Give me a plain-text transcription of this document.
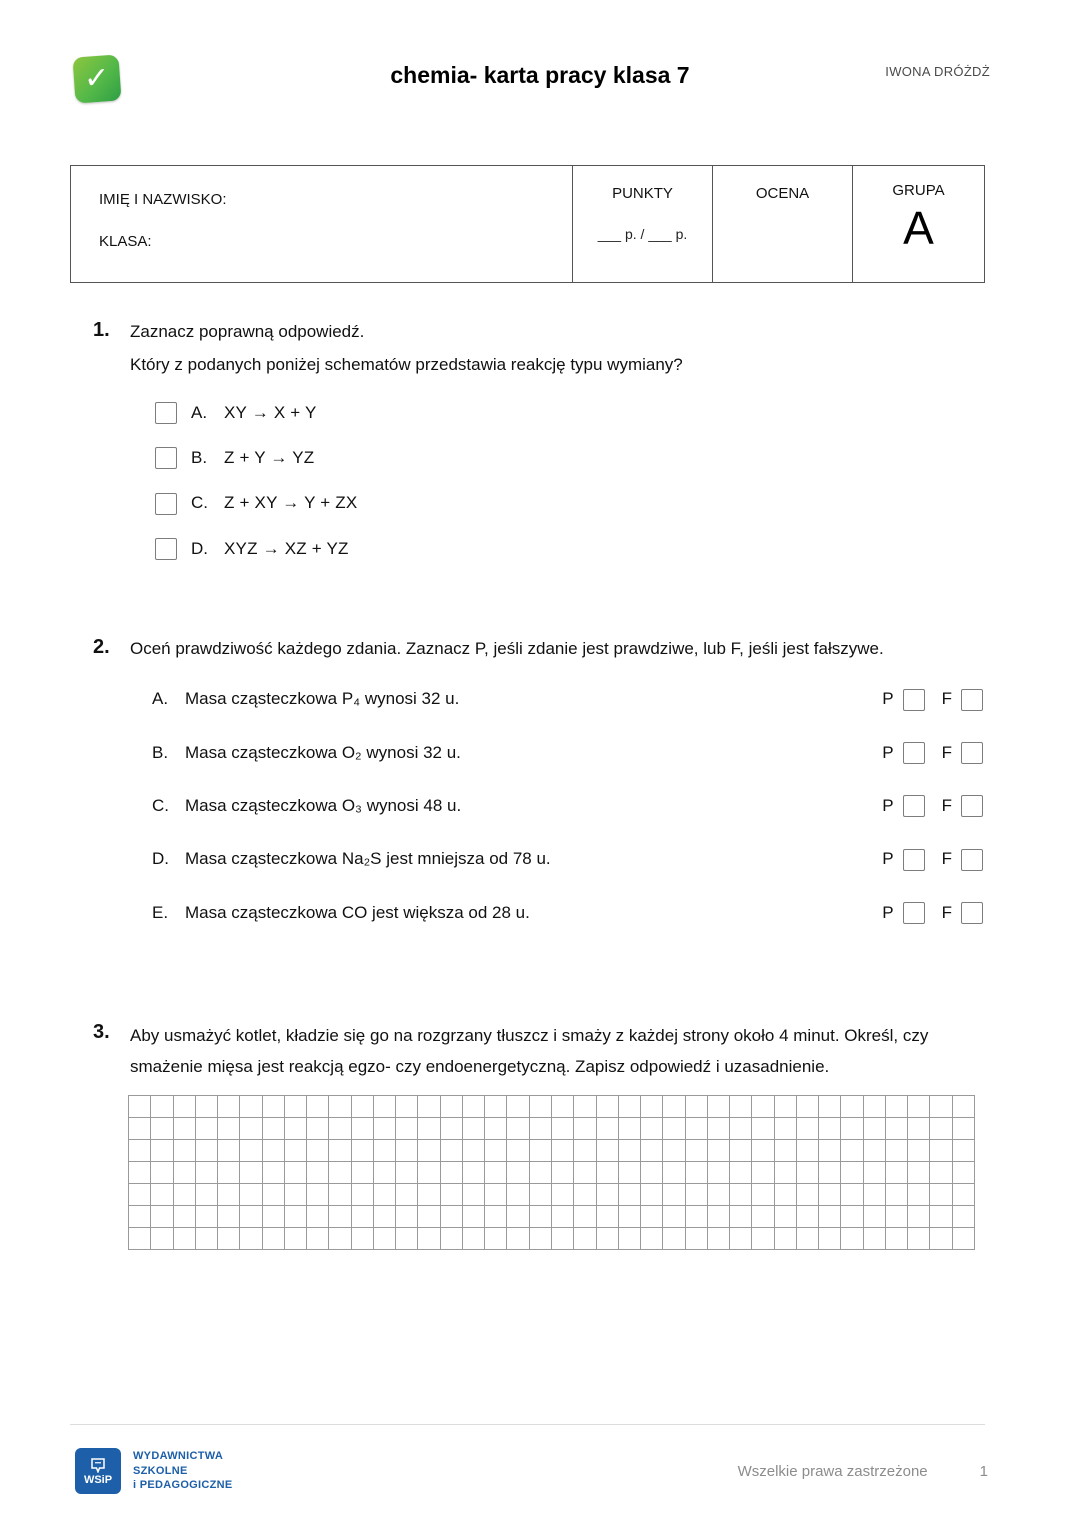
✓	chemia- karta pracy klasa 7	IWONA DRÓŻDŻ
IMIĘ I NAZWISKO:
KLASA:
PUNKTY
___ p. / ___ p.
OCENA	GRUPA
A
1.	Zaznacz poprawną odpowiedź.
Który z podanych poniżej schematów przedstawia reakcję typu wymiany?
A. XY → X + Y
B. Z + Y → YZ
C. Z + XY → Y + ZX
D. XYZ → XZ + YZ
2.	Oceń prawdziwość każdego zdania. Zaznacz P, jeśli zdanie jest prawdziwe, lub F, jeśli jest fałszywe.
A. Masa cząsteczkowa P₄ wynosi 32 u.	P	F
B. Masa cząsteczkowa O₂ wynosi 32 u.	P	F
C. Masa cząsteczkowa O₃ wynosi 48 u.	P	F
D. Masa cząsteczkowa Na₂S jest mniejsza od 78 u.	P	F
E. Masa cząsteczkowa CO jest większa od 28 u.	P	F
3.	Aby usmażyć kotlet, kładzie się go na rozgrzany tłuszcz i smaży z każdej strony około 4 minut. Określ, czy smażenie mięsa jest reakcją egzo- czy endoenergetyczną. Zapisz odpowiedź i uzasadnienie.
WSiP
WYDAWNICTWA
SZKOLNE
i PEDAGOGICZNE
Wszelkie prawa zastrzeżone	1
